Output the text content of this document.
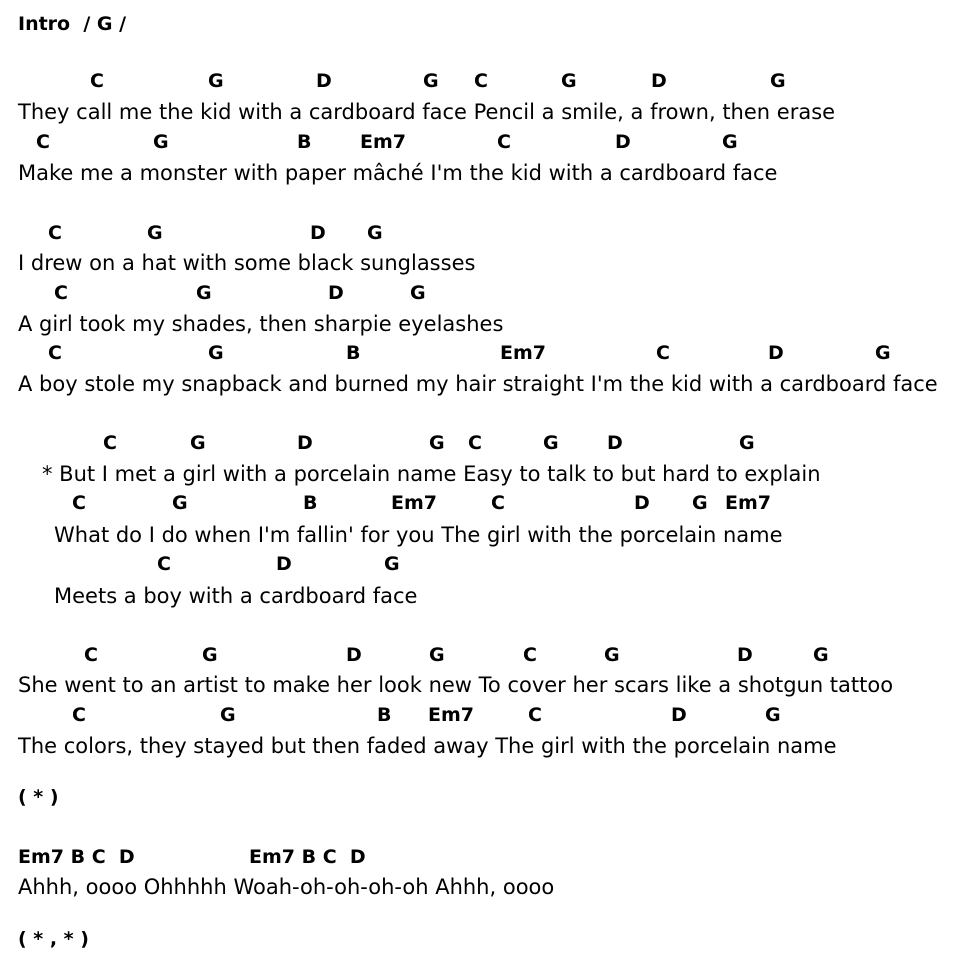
Intro  / G /
C	G	D	G C	G	D	G
They call me the kid with a cardboard face Pencil a smile, a frown, then erase
C	G	B	Em7	C	D	G
Make me a monster with paper mâché I'm the kid with a cardboard face
C	G	D G
I drew on a hat with some black sunglasses
C	G	D	G
A girl took my shades, then sharpie eyelashes
C	G	B	Em7	C	D	G
A boy stole my snapback and burned my hair straight I'm the kid with a cardboard face
C	G	D	G C	G	D	G
* But I met a girl with a porcelain name Easy to talk to but hard to explain
C	G	B	Em7	C	D G Em7
What do I do when I'm fallin' for you The girl with the porcelain name
C	D	G
Meets a boy with a cardboard face
C	G	D	G	C	G	D	G
She went to an artist to make her look new To cover her scars like a shotgun tattoo
C	G	B Em7	C	D	G
The colors, they stayed but then faded away The girl with the porcelain name
( * )
Em7 B C  D	Em7 B C  D
Ahhh, oooo Ohhhhh Woah-oh-oh-oh-oh Ahhh, oooo
( * , * )
